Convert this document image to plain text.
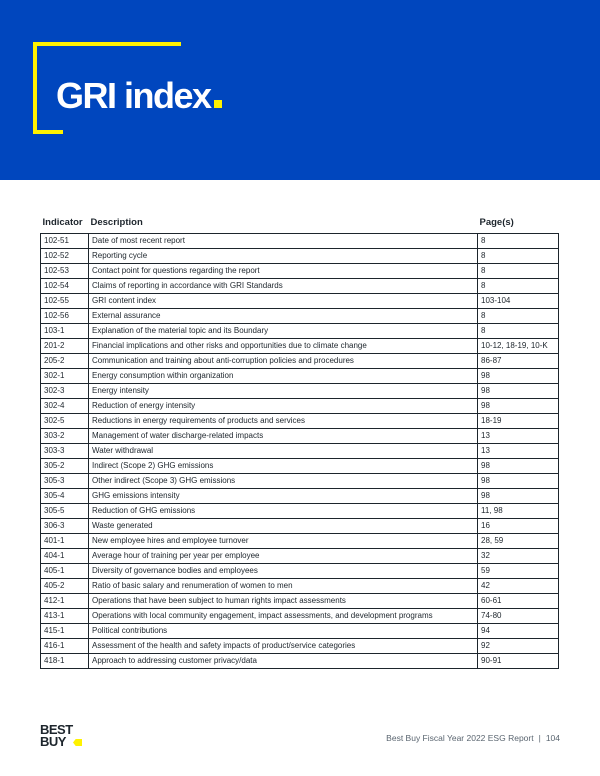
GRI index
Indicator	Description	Page(s)
102-51	Date of most recent report	8
102-52	Reporting cycle	8
102-53	Contact point for questions regarding the report	8
102-54	Claims of reporting in accordance with GRI Standards	8
102-55	GRI content index	103-104
102-56	External assurance	8
103-1	Explanation of the material topic and its Boundary	8
201-2	Financial implications and other risks and opportunities due to climate change	10-12, 18-19, 10-K
205-2	Communication and training about anti-corruption policies and procedures	86-87
302-1	Energy consumption within organization	98
302-3	Energy intensity	98
302-4	Reduction of energy intensity	98
302-5	Reductions in energy requirements of products and services	18-19
303-2	Management of water discharge-related impacts	13
303-3	Water withdrawal	13
305-2	Indirect (Scope 2) GHG emissions	98
305-3	Other indirect (Scope 3) GHG emissions	98
305-4	GHG emissions intensity	98
305-5	Reduction of GHG emissions	11, 98
306-3	Waste generated	16
401-1	New employee hires and employee turnover	28, 59
404-1	Average hour of training per year per employee	32
405-1	Diversity of governance bodies and employees	59
405-2	Ratio of basic salary and renumeration of women to men	42
412-1	Operations that have been subject to human rights impact assessments	60-61
413-1	Operations with local community engagement, impact assessments, and development programs	74-80
415-1	Political contributions	94
416-1	Assessment of the health and safety impacts of product/service categories	92
418-1	Approach to addressing customer privacy/data	90-91
BEST
BUY	Best Buy Fiscal Year 2022 ESG Report | 104
